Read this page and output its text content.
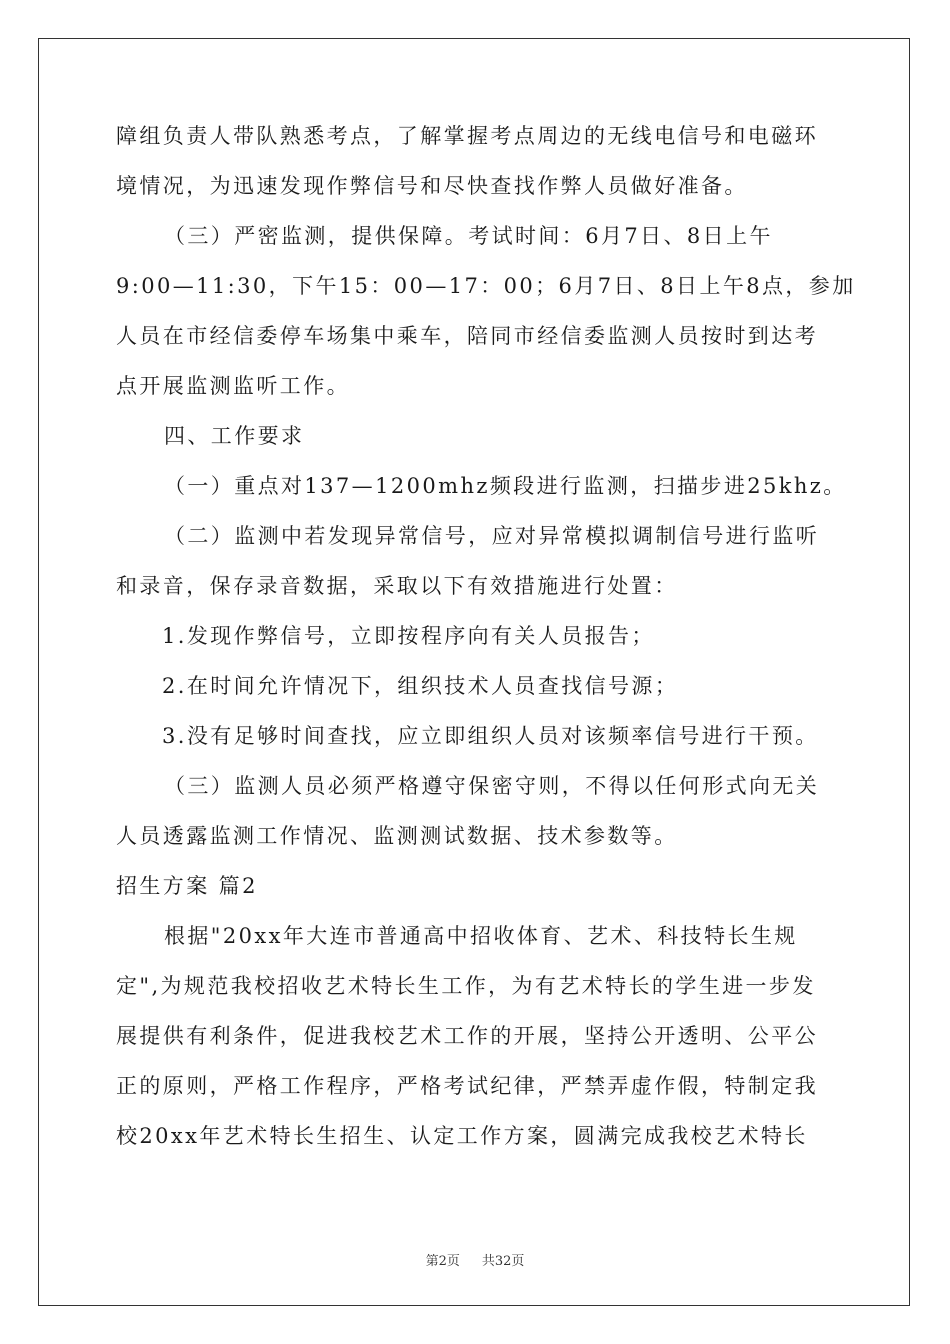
障组负责人带队熟悉考点，了解掌握考点周边的无线电信号和电磁环
境情况，为迅速发现作弊信号和尽快查找作弊人员做好准备。
（三）严密监测，提供保障。考试时间：6月7日、8日上午
9:00—11:30，下午15：00—17：00；6月7日、8日上午8点，参加
人员在市经信委停车场集中乘车，陪同市经信委监测人员按时到达考
点开展监测监听工作。
四、工作要求
（一）重点对137—1200mhz频段进行监测，扫描步进25khz。
（二）监测中若发现异常信号，应对异常模拟调制信号进行监听
和录音，保存录音数据，采取以下有效措施进行处置：
1.发现作弊信号，立即按程序向有关人员报告；
2.在时间允许情况下，组织技术人员查找信号源；
3.没有足够时间查找，应立即组织人员对该频率信号进行干预。
（三）监测人员必须严格遵守保密守则，不得以任何形式向无关
人员透露监测工作情况、监测测试数据、技术参数等。
招生方案 篇2
根据"20xx年大连市普通高中招收体育、艺术、科技特长生规
定",为规范我校招收艺术特长生工作，为有艺术特长的学生进一步发
展提供有利条件，促进我校艺术工作的开展，坚持公开透明、公平公
正的原则，严格工作程序，严格考试纪律，严禁弄虚作假，特制定我
校20xx年艺术特长生招生、认定工作方案，圆满完成我校艺术特长
第2页 共32页
